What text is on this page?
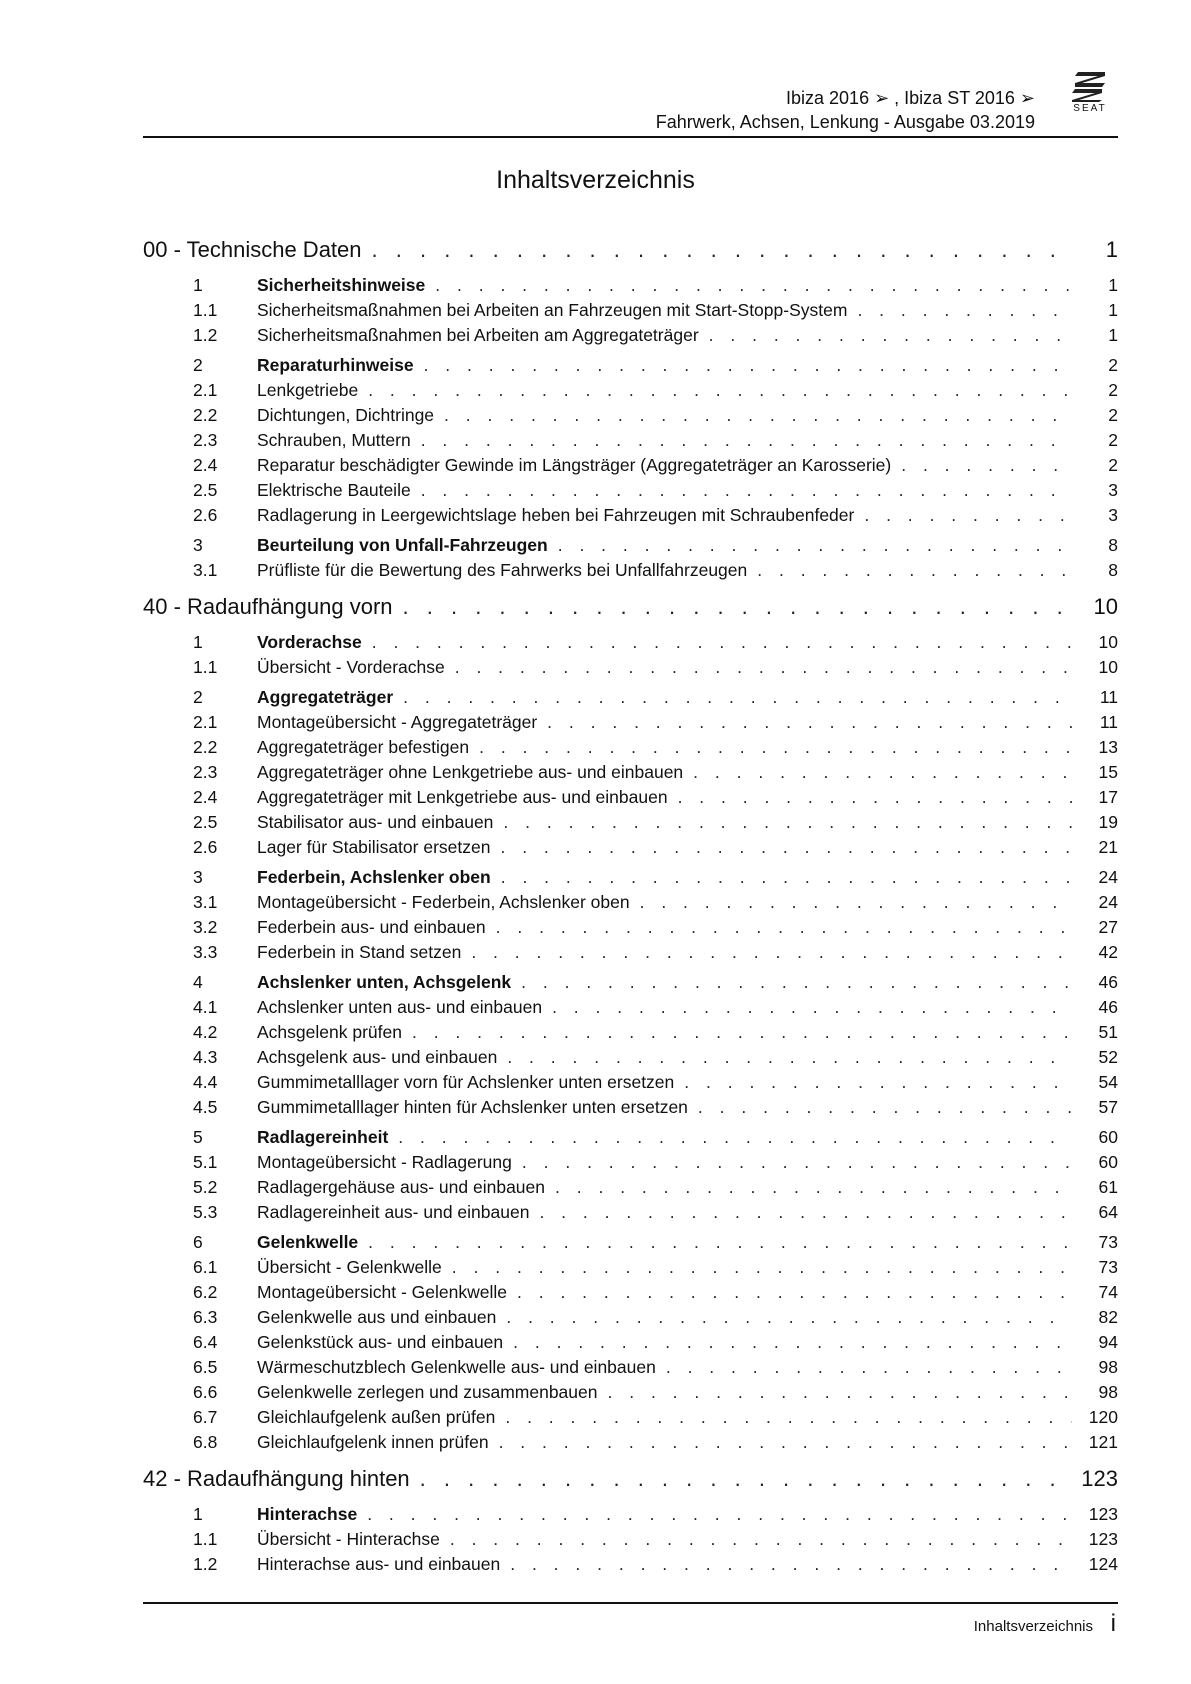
Ibiza 2016 ➢ , Ibiza ST 2016 ➢
Fahrwerk, Achsen, Lenkung - Ausgabe 03.2019
SEAT
Inhaltsverzeichnis
00 - Technische Daten . . .	1
1	Sicherheitshinweise . . .	1
1.1	Sicherheitsmaßnahmen bei Arbeiten an Fahrzeugen mit Start-Stopp-System . . .	1
1.2	Sicherheitsmaßnahmen bei Arbeiten am Aggregateträger . . .	1
2	Reparaturhinweise . . .	2
2.1	Lenkgetriebe . . .	2
2.2	Dichtungen, Dichtringe . . .	2
2.3	Schrauben, Muttern . . .	2
2.4	Reparatur beschädigter Gewinde im Längsträger (Aggregateträger an Karosserie) . . .	2
2.5	Elektrische Bauteile . . .	3
2.6	Radlagerung in Leergewichtslage heben bei Fahrzeugen mit Schraubenfeder . . .	3
3	Beurteilung von Unfall-Fahrzeugen . . .	8
3.1	Prüfliste für die Bewertung des Fahrwerks bei Unfallfahrzeugen . . .	8
40 - Radaufhängung vorn . . .	10
1	Vorderachse . . .	10
1.1	Übersicht - Vorderachse . . .	10
2	Aggregateträger . . .	11
2.1	Montageübersicht - Aggregateträger . . .	11
2.2	Aggregateträger befestigen . . .	13
2.3	Aggregateträger ohne Lenkgetriebe aus- und einbauen . . .	15
2.4	Aggregateträger mit Lenkgetriebe aus- und einbauen . . .	17
2.5	Stabilisator aus- und einbauen . . .	19
2.6	Lager für Stabilisator ersetzen . . .	21
3	Federbein, Achslenker oben . . .	24
3.1	Montageübersicht - Federbein, Achslenker oben . . .	24
3.2	Federbein aus- und einbauen . . .	27
3.3	Federbein in Stand setzen . . .	42
4	Achslenker unten, Achsgelenk . . .	46
4.1	Achslenker unten aus- und einbauen . . .	46
4.2	Achsgelenk prüfen . . .	51
4.3	Achsgelenk aus- und einbauen . . .	52
4.4	Gummimetalllager vorn für Achslenker unten ersetzen . . .	54
4.5	Gummimetalllager hinten für Achslenker unten ersetzen . . .	57
5	Radlagereinheit . . .	60
5.1	Montageübersicht - Radlagerung . . .	60
5.2	Radlagergehäuse aus- und einbauen . . .	61
5.3	Radlagereinheit aus- und einbauen . . .	64
6	Gelenkwelle . . .	73
6.1	Übersicht - Gelenkwelle . . .	73
6.2	Montageübersicht - Gelenkwelle . . .	74
6.3	Gelenkwelle aus und einbauen . . .	82
6.4	Gelenkstück aus- und einbauen . . .	94
6.5	Wärmeschutzblech Gelenkwelle aus- und einbauen . . .	98
6.6	Gelenkwelle zerlegen und zusammenbauen . . .	98
6.7	Gleichlaufgelenk außen prüfen . . .	120
6.8	Gleichlaufgelenk innen prüfen . . .	121
42 - Radaufhängung hinten . . .	123
1	Hinterachse . . .	123
1.1	Übersicht - Hinterachse . . .	123
1.2	Hinterachse aus- und einbauen . . .	124
Inhaltsverzeichnis i
